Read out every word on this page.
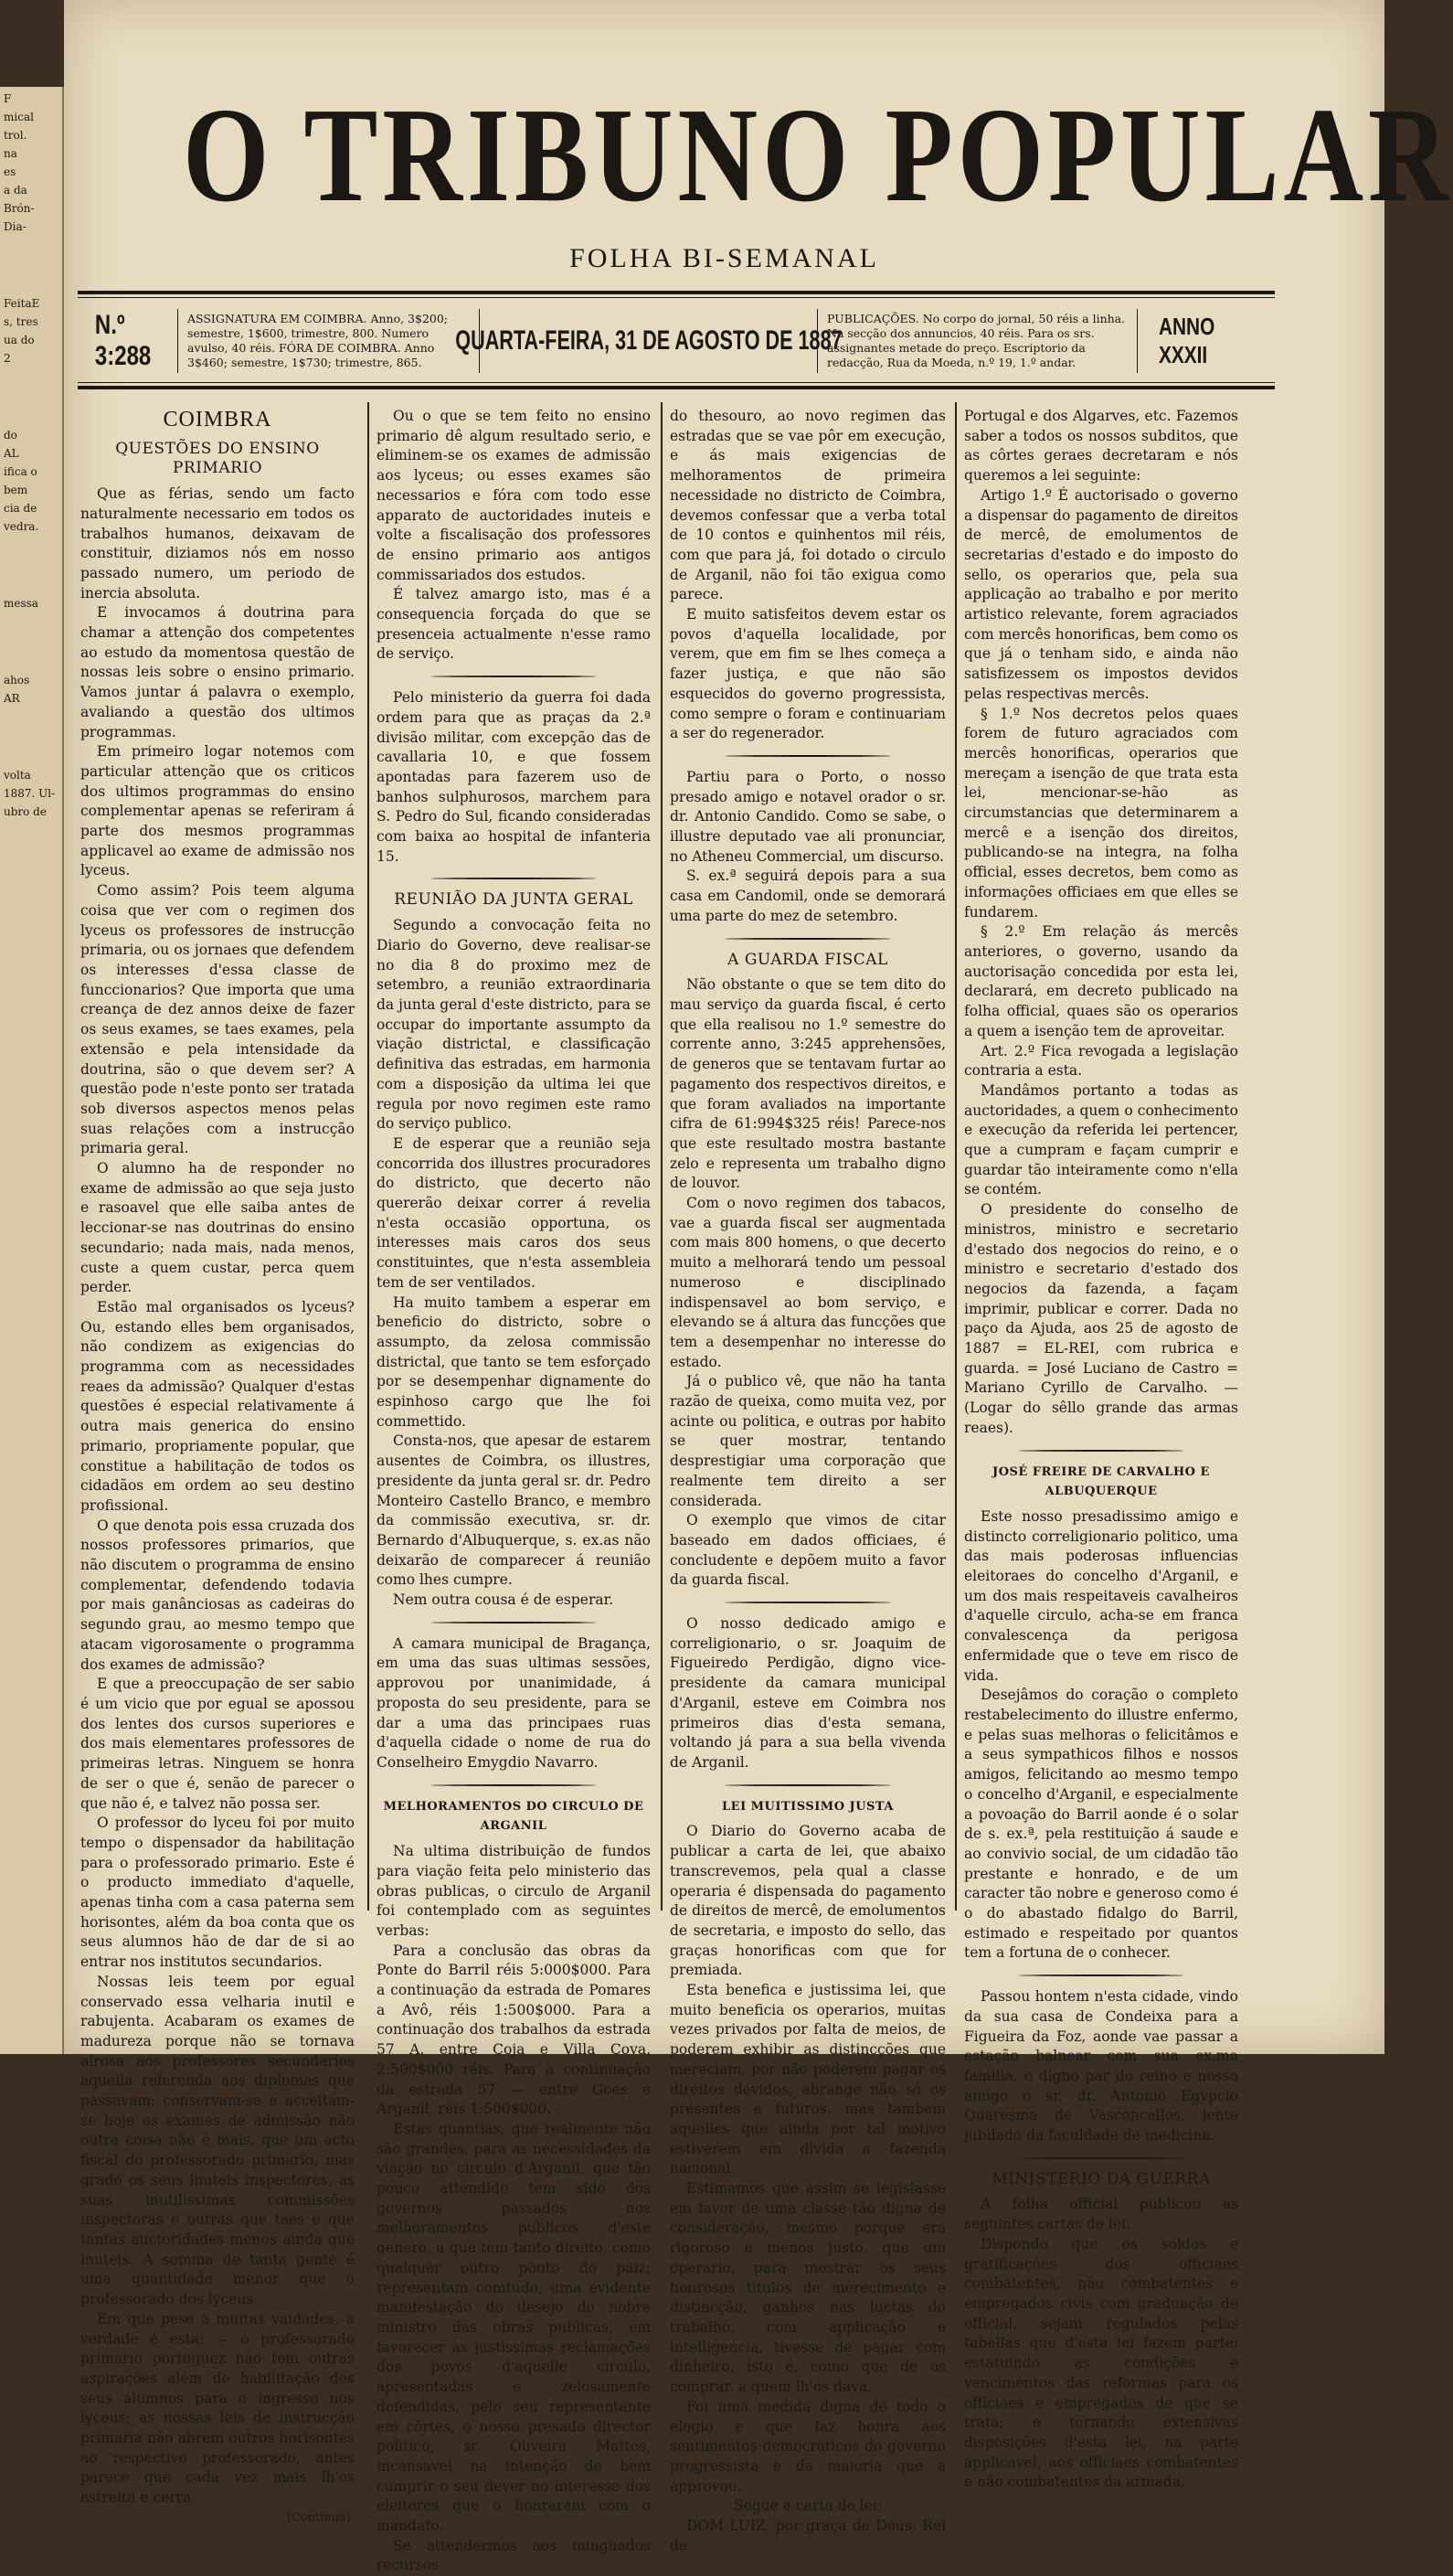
F
mical
trol.
na
es
a da
Brón-
Dia-
FeitaE
s, tres
ua do
2
do
AL
ifica o
bem
cia de
vedra.
messa
ahos
AR
volta
1887. Ul-
ubro de
O TRIBUNO POPULAR
FOLHA BI-SEMANAL
N.º 3:288
ASSIGNATURA EM COIMBRA. Anno, 3$200; semestre, 1$600, trimestre, 800. Numero avulso, 40 réis. FÓRA DE COIMBRA. Anno 3$460; semestre, 1$730; trimestre, 865.
QUARTA-FEIRA, 31 DE AGOSTO DE 1887
PUBLICAÇÕES. No corpo do jornal, 50 réis a linha. Na secção dos annuncios, 40 réis. Para os srs. assignantes metade do preço. Escriptorio da redacção, Rua da Moeda, n.º 19, 1.º andar.
ANNO XXXII
COIMBRA
QUESTÕES DO ENSINO PRIMARIO

Que as férias, sendo um facto naturalmente necessario em todos os trabalhos humanos, deixavam de constituir, diziamos nós em nosso passado numero, um periodo de inercia absoluta.

E invocamos á doutrina para chamar a attenção dos competentes ao estudo da momentosa questão de nossas leis sobre o ensino primario. Vamos juntar á palavra o exemplo, avaliando a questão dos ultimos programmas.

Em primeiro logar notemos com particular attenção que os criticos dos ultimos programmas do ensino complementar apenas se referiram á parte dos mesmos programmas applicavel ao exame de admissão nos lyceus.

Como assim? Pois teem alguma coisa que ver com o regimen dos lyceus os professores de instrucção primaria, ou os jornaes que defendem os interesses d'essa classe de funccionarios? Que importa que uma creança de dez annos deixe de fazer os seus exames, se taes exames, pela extensão e pela intensidade da doutrina, são o que devem ser? A questão pode n'este ponto ser tratada sob diversos aspectos menos pelas suas relações com a instrucção primaria geral.

O alumno ha de responder no exame de admissão ao que seja justo e rasoavel que elle saiba antes de leccionar-se nas doutrinas do ensino secundario; nada mais, nada menos, custe a quem custar, perca quem perder.

Estão mal organisados os lyceus? Ou, estando elles bem organisados, não condizem as exigencias do programma com as necessidades reaes da admissão? Qualquer d'estas questões é especial relativamente á outra mais generica do ensino primario, propriamente popular, que constitue a habilitação de todos os cidadãos em ordem ao seu destino profissional.

O que denota pois essa cruzada dos nossos professores primarios, que não discutem o programma de ensino complementar, defendendo todavia por mais ganânciosas as cadeiras do segundo grau, ao mesmo tempo que atacam vigorosamente o programma dos exames de admissão?

E que a preoccupação de ser sabio é um vicio que por egual se apossou dos lentes dos cursos superiores e dos mais elementares professores de primeiras letras. Ninguem se honra de ser o que é, senão de parecer o que não é, e talvez não possa ser.

O professor do lyceu foi por muito tempo o dispensador da habilitação para o professorado primario. Este é o producto immediato d'aquelle, apenas tinha com a casa paterna sem horisontes, além da boa conta que os seus alumnos hão de dar de si ao entrar nos institutos secundarios.

Nossas leis teem por egual conservado essa velharia inutil e rabujenta. Acabaram os exames de madureza porque não se tornava airosa aos professores secundarios aquella referenda aos diplomas que passavam; conservam-se e acceitam-se hoje os exames de admissão não outra coisa não é mais, que um acto fiscal do professorado primario, mas grado os seus inuteis inspectores, as suas inutilissimas commissões inspectoras e outras que taes e que tantas auctoridades menos ainda que inuteis. A somma de tanta gente é uma quantidade menor que o professorado dos lyceus.

Em que pese a muitas vaidades, a verdade é esta: — o professorado primario portuguez não tem outras aspirações além de habilitação dos seus alumnos para o ingresso nos lyceus; as nossas leis de instrucção primaria não abrem outros horisontes ao respectivo professorado, antes parece que cada vez mais lh'os estreita e cerra.

(Continua).

Ou o que se tem feito no ensino primario dê algum resultado serio, e eliminem-se os exames de admissão aos lyceus; ou esses exames são necessarios e fóra com todo esse apparato de auctoridades inuteis e volte a fiscalisação dos professores de ensino primario aos antigos commissariados dos estudos.

É talvez amargo isto, mas é a consequencia forçada do que se presenceia actualmente n'esse ramo de serviço.

Pelo ministerio da guerra foi dada ordem para que as praças da 2.ª divisão militar, com excepção das de cavallaria 10, e que fossem apontadas para fazerem uso de banhos sulphurosos, marchem para S. Pedro do Sul, ficando consideradas com baixa ao hospital de infanteria 15.

REUNIÃO DA JUNTA GERAL

Segundo a convocação feita no Diario do Governo, deve realisar-se no dia 8 do proximo mez de setembro, a reunião extraordinaria da junta geral d'este districto, para se occupar do importante assumpto da viação districtal, e classificação definitiva das estradas, em harmonia com a disposição da ultima lei que regula por novo regimen este ramo do serviço publico.

E de esperar que a reunião seja concorrida dos illustres procuradores do districto, que decerto não quererão deixar correr á revelia n'esta occasião opportuna, os interesses mais caros dos seus constituintes, que n'esta assembleia tem de ser ventilados.

Ha muito tambem a esperar em beneficio do districto, sobre o assumpto, da zelosa commissão districtal, que tanto se tem esforçado por se desempenhar dignamente do espinhoso cargo que lhe foi commettido.

Consta-nos, que apesar de estarem ausentes de Coimbra, os illustres, presidente da junta geral sr. dr. Pedro Monteiro Castello Branco, e membro da commissão executiva, sr. dr. Bernardo d'Albuquerque, s. ex.as não deixarão de comparecer á reunião como lhes cumpre.

Nem outra cousa é de esperar.

A camara municipal de Bragança, em uma das suas ultimas sessões, approvou por unanimidade, á proposta do seu presidente, para se dar a uma das principaes ruas d'aquella cidade o nome de rua do Conselheiro Emygdio Navarro.

MELHORAMENTOS DO CIRCULO DE ARGANIL

Na ultima distribuição de fundos para viação feita pelo ministerio das obras publicas, o circulo de Arganil foi contemplado com as seguintes verbas:

Para a conclusão das obras da Ponte do Barril réis 5:000$000. Para a continuação da estrada de Pomares a Avô, réis 1:500$000. Para a continuação dos trabalhos da estrada 57 A, entre Coja e Villa Cova, 2:500$000 réis. Para a continuação da estrada 57 — entre Goes e Arganil, réis 1:500$000.

Estas quantias, que realmente não são grandes, para as necessidades da viação no circulo d'Arganil, que tão pouco attendido tem sido dos governos passados nos melhoramentos publicos d'este genero, a que tem tanto direito, como qualquer outro ponto do paiz; representam comtudo, uma evidente manifestação do desejo do nobre ministro das obras publicas, em favorecer as justissimas reclamações dos povos d'aquelle circulo, apresentadas e zelosamente defendidas, pelo seu representante em côrtes, o nosso presado director politico, sr. Oliveira Mattos, incansavel na intenção de bem cumprir o seu dever no interesse dos eleitores que o honraram com o mandato.

Se attendermos aos minguados recursos

do thesouro, ao novo regimen das estradas que se vae pôr em execução, e ás mais exigencias de melhoramentos de primeira necessidade no districto de Coimbra, devemos confessar que a verba total de 10 contos e quinhentos mil réis, com que para já, foi dotado o circulo de Arganil, não foi tão exigua como parece.

E muito satisfeitos devem estar os povos d'aquella localidade, por verem, que em fim se lhes começa a fazer justiça, e que não são esquecidos do governo progressista, como sempre o foram e continuariam a ser do regenerador.

Partiu para o Porto, o nosso presado amigo e notavel orador o sr. dr. Antonio Candido. Como se sabe, o illustre deputado vae ali pronunciar, no Atheneu Commercial, um discurso.

S. ex.ª seguirá depois para a sua casa em Candomil, onde se demorará uma parte do mez de setembro.

A GUARDA FISCAL

Não obstante o que se tem dito do mau serviço da guarda fiscal, é certo que ella realisou no 1.º semestre do corrente anno, 3:245 apprehensões, de generos que se tentavam furtar ao pagamento dos respectivos direitos, e que foram avaliados na importante cifra de 61:994$325 réis! Parece-nos que este resultado mostra bastante zelo e representa um trabalho digno de louvor.

Com o novo regimen dos tabacos, vae a guarda fiscal ser augmentada com mais 800 homens, o que decerto muito a melhorará tendo um pessoal numeroso e disciplinado indispensavel ao bom serviço, e elevando se á altura das funcções que tem a desempenhar no interesse do estado.

Já o publico vê, que não ha tanta razão de queixa, como muita vez, por acinte ou politica, e outras por habito se quer mostrar, tentando desprestigiar uma corporação que realmente tem direito a ser considerada.

O exemplo que vimos de citar baseado em dados officiaes, é concludente e depõem muito a favor da guarda fiscal.

O nosso dedicado amigo e correligionario, o sr. Joaquim de Figueiredo Perdigão, digno vice-presidente da camara municipal d'Arganil, esteve em Coimbra nos primeiros dias d'esta semana, voltando já para a sua bella vivenda de Arganil.

LEI MUITISSIMO JUSTA

O Diario do Governo acaba de publicar a carta de lei, que abaixo transcrevemos, pela qual a classe operaria é dispensada do pagamento de direitos de mercê, de emolumentos de secretaria, e imposto do sello, das graças honorificas com que for premiada.

Esta benefica e justissima lei, que muito beneficia os operarios, muitas vezes privados por falta de meios, de poderem exhibir as distincções que mereciam, por não poderem pagar os direitos devidos, abrange não só os presentes e futuros, mas tambem aquelles que ainda por tal motivo estiverem em divida á fazenda nacional.

Estimamos que assim se legislasse em favor de uma classe tão digna de consideração, mesmo porque era rigoroso e menos justo, que um operario, para mostrar os seus honrosos titulos de merecimento e distincção, ganhos nas luctas do trabalho, com applicação e intelligencia, tivesse de pagar com dinheiro, isto é, como que de os comprar, a quem lh'os dava.

Foi uma medida digna de todo o elogio e que faz honra aos sentimentos democraticos do governo progressista e da maioria que a approvou.

Segue a carta de lei:

DOM LUIZ, por graça de Deus, Rei de

Portugal e dos Algarves, etc. Fazemos saber a todos os nossos subditos, que as côrtes geraes decretaram e nós queremos a lei seguinte:

Artigo 1.º É auctorisado o governo a dispensar do pagamento de direitos de mercê, de emolumentos de secretarias d'estado e do imposto do sello, os operarios que, pela sua applicação ao trabalho e por merito artistico relevante, forem agraciados com mercês honorificas, bem como os que já o tenham sido, e ainda não satisfizessem os impostos devidos pelas respectivas mercês.

§ 1.º Nos decretos pelos quaes forem de futuro agraciados com mercês honorificas, operarios que mereçam a isenção de que trata esta lei, mencionar-se-hão as circumstancias que determinarem a mercê e a isenção dos direitos, publicando-se na integra, na folha official, esses decretos, bem como as informações officiaes em que elles se fundarem.

§ 2.º Em relação ás mercês anteriores, o governo, usando da auctorisação concedida por esta lei, declarará, em decreto publicado na folha official, quaes são os operarios a quem a isenção tem de aproveitar.

Art. 2.º Fica revogada a legislação contraria a esta.

Mandâmos portanto a todas as auctoridades, a quem o conhecimento e execução da referida lei pertencer, que a cumpram e façam cumprir e guardar tão inteiramente como n'ella se contém.

O presidente do conselho de ministros, ministro e secretario d'estado dos negocios do reino, e o ministro e secretario d'estado dos negocios da fazenda, a façam imprimir, publicar e correr. Dada no paço da Ajuda, aos 25 de agosto de 1887 = EL-REI, com rubrica e guarda. = José Luciano de Castro = Mariano Cyrillo de Carvalho. — (Logar do sêllo grande das armas reaes).

JOSÉ FREIRE DE CARVALHO E ALBUQUERQUE

Este nosso presadissimo amigo e distincto correligionario politico, uma das mais poderosas influencias eleitoraes do concelho d'Arganil, e um dos mais respeitaveis cavalheiros d'aquelle circulo, acha-se em franca convalescença da perigosa enfermidade que o teve em risco de vida.

Desejâmos do coração o completo restabelecimento do illustre enfermo, e pelas suas melhoras o felicitâmos e a seus sympathicos filhos e nossos amigos, felicitando ao mesmo tempo o concelho d'Arganil, e especialmente a povoação do Barril aonde é o solar de s. ex.ª, pela restituição á saude e ao convivio social, de um cidadão tão prestante e honrado, e de um caracter tão nobre e generoso como é o do abastado fidalgo do Barril, estimado e respeitado por quantos tem a fortuna de o conhecer.

Passou hontem n'esta cidade, vindo da sua casa de Condeixa para a Figueira da Foz, aonde vae passar a estação balnear com sua ex.ma familia, o digno par do reino e nosso amigo o sr. dr. Antonio Egypcio Quaresma de Vasconcellos, lente jubilado da faculdade de medicina.

MINISTERIO DA GUERRA

A folha official publicou as seguintes cartas de lei:

Dispondo que os soldos e gratificações dos officiaes combatentes, não combatentes e empregados civis com graduação de official, sejam regulados pelas tabellas que d'esta lei fazem parte; estatuindo as condições e vencimentos das reformas para os officiaes e empregados de que se trata; e tornando extensivas disposições d'esta lei, na parte applicavel, aos officiaes combatentes e não combatentes da armada.
